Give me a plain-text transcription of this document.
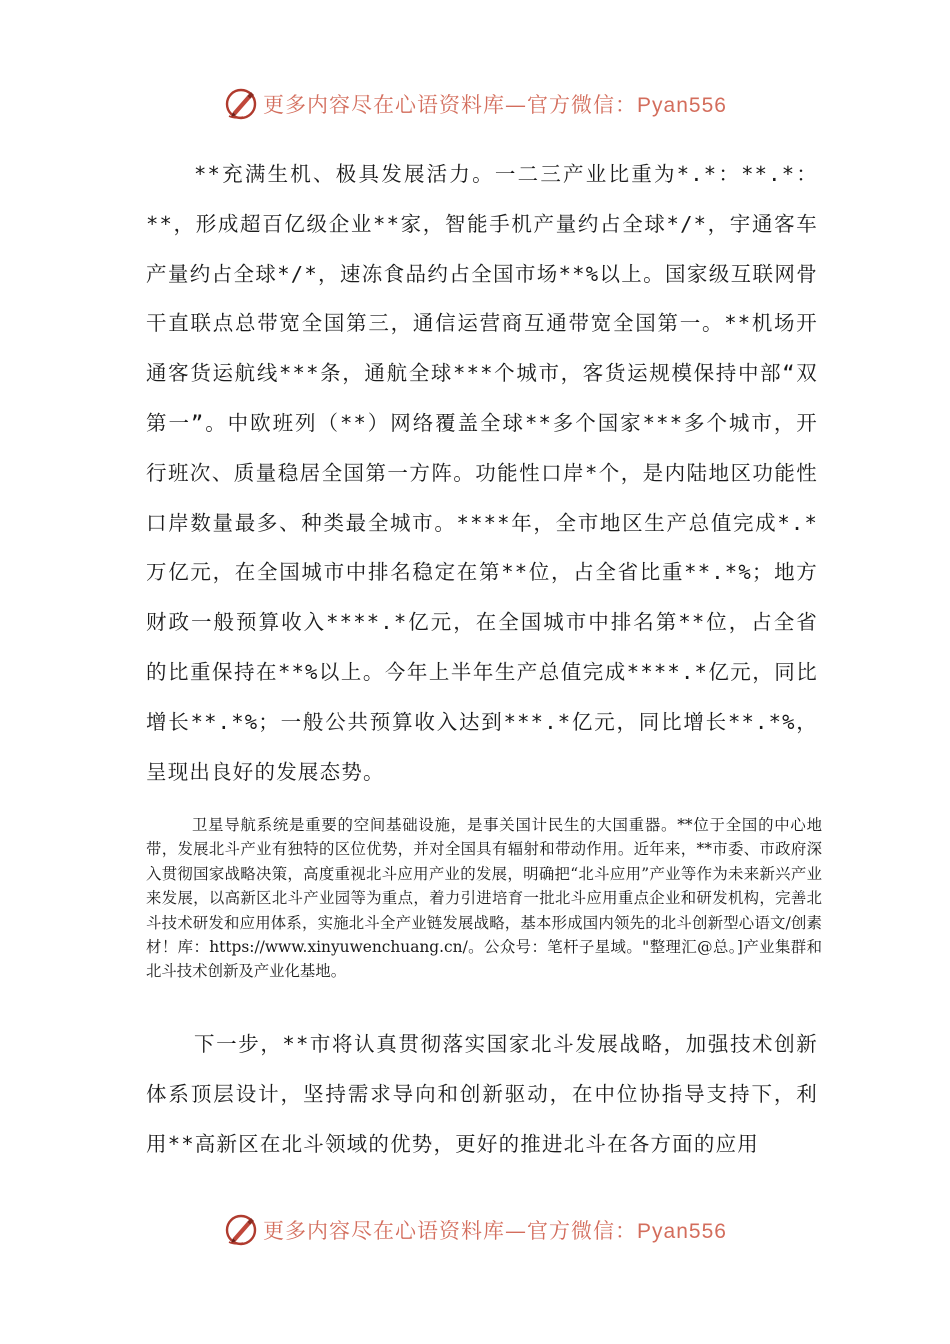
更多内容尽在心语资料库—官方微信：Pyan556

**充满生机、极具发展活力。一二三产业比重为*.*：**.*：**，形成超百亿级企业**家，智能手机产量约占全球*/*，宇通客车产量约占全球*/*，速冻食品约占全国市场**%以上。国家级互联网骨干直联点总带宽全国第三，通信运营商互通带宽全国第一。**机场开通客货运航线***条，通航全球***个城市，客货运规模保持中部“双第一”。中欧班列（**）网络覆盖全球**多个国家***多个城市，开行班次、质量稳居全国第一方阵。功能性口岸*个，是内陆地区功能性口岸数量最多、种类最全城市。****年，全市地区生产总值完成*.*万亿元，在全国城市中排名稳定在第**位，占全省比重**.*%；地方财政一般预算收入****.*亿元，在全国城市中排名第**位，占全省的比重保持在**%以上。今年上半年生产总值完成****.*亿元，同比增长**.*%；一般公共预算收入达到***.*亿元，同比增长**.*%，呈现出良好的发展态势。

卫星导航系统是重要的空间基础设施，是事关国计民生的大国重器。**位于全国的中心地带，发展北斗产业有独特的区位优势，并对全国具有辐射和带动作用。近年来，**市委、市政府深入贯彻国家战略决策，高度重视北斗应用产业的发展，明确把“北斗应用”产业等作为未来新兴产业来发展，以高新区北斗产业园等为重点，着力引进培育一批北斗应用重点企业和研发机构，完善北斗技术研发和应用体系，实施北斗全产业链发展战略，基本形成国内领先的北斗创新型心语文/创素材！库：https://www.xinyuwenchuang.cn/。公众号：笔杆子星域。"整理汇@总。]产业集群和北斗技术创新及产业化基地。

下一步，**市将认真贯彻落实国家北斗发展战略，加强技术创新体系顶层设计，坚持需求导向和创新驱动，在中位协指导支持下，利用**高新区在北斗领域的优势，更好的推进北斗在各方面的应用

更多内容尽在心语资料库—官方微信：Pyan556
